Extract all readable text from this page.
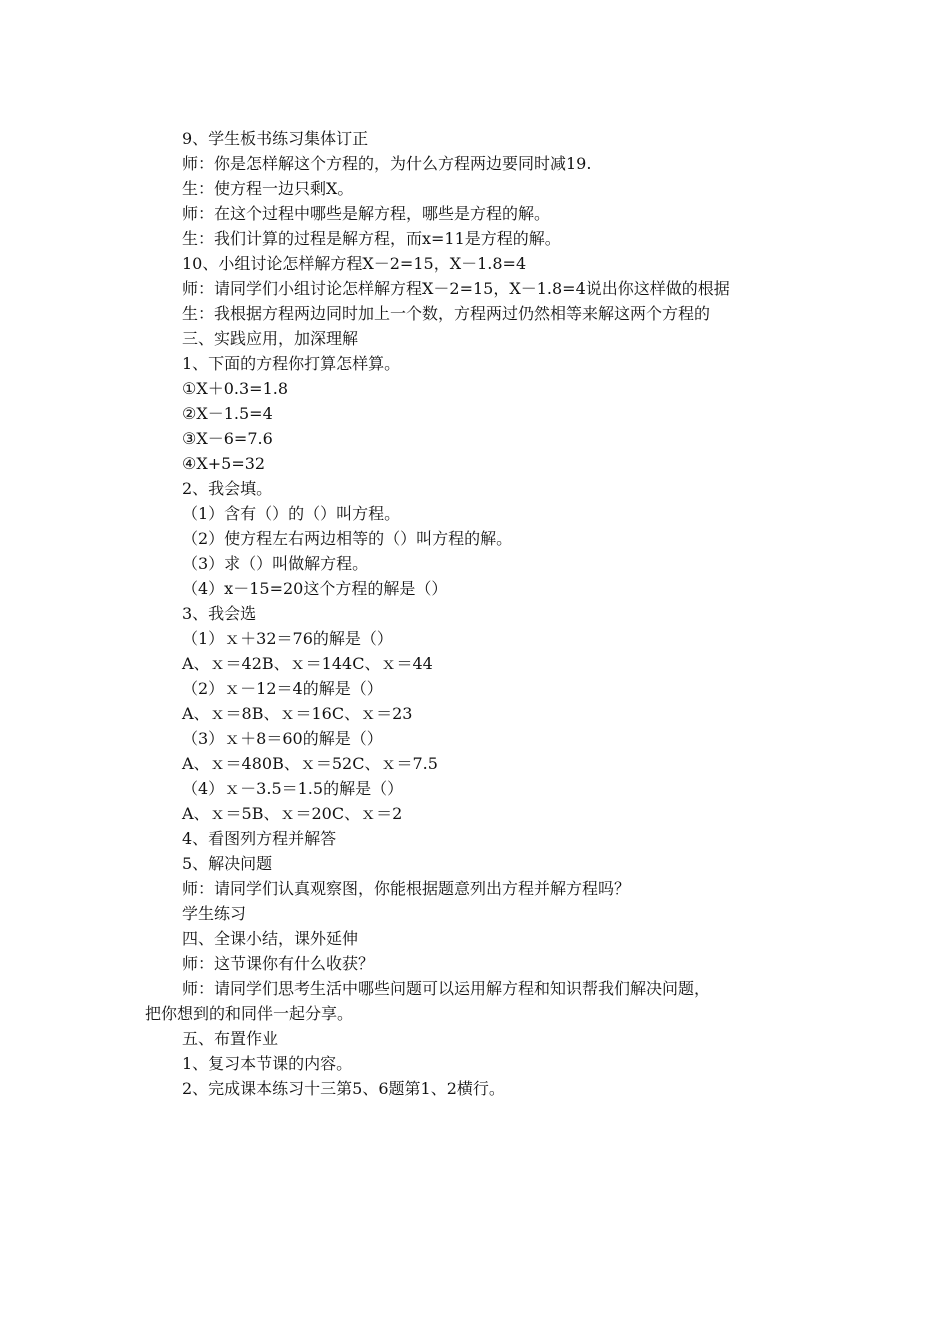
9、学生板书练习集体订正
师：你是怎样解这个方程的，为什么方程两边要同时减19.
生：使方程一边只剩X。
师：在这个过程中哪些是解方程，哪些是方程的解。
生：我们计算的过程是解方程，而x=11是方程的解。
10、小组讨论怎样解方程X－2=15，X－1.8=4
师：请同学们小组讨论怎样解方程X－2=15，X－1.8=4说出你这样做的根据
生：我根据方程两边同时加上一个数，方程两过仍然相等来解这两个方程的
三、实践应用，加深理解
1、下面的方程你打算怎样算。
①X＋0.3=1.8
②X－1.5=4
③X－6=7.6
④X+5=32
2、我会填。
（1）含有（）的（）叫方程。
（2）使方程左右两边相等的（）叫方程的解。
（3）求（）叫做解方程。
（4）x－15=20这个方程的解是（）
3、我会选
（1）ｘ＋32＝76的解是（）
A、ｘ＝42B、ｘ＝144C、ｘ＝44
（2）ｘ－12＝4的解是（）
A、ｘ＝8B、ｘ＝16C、ｘ＝23
（3）ｘ＋8＝60的解是（）
A、ｘ＝480B、ｘ＝52C、ｘ＝7.5
（4）ｘ－3.5＝1.5的解是（）
A、ｘ＝5B、ｘ＝20C、ｘ＝2
4、看图列方程并解答
5、解决问题
师：请同学们认真观察图，你能根据题意列出方程并解方程吗？
学生练习
四、全课小结，课外延伸
师：这节课你有什么收获？
师：请同学们思考生活中哪些问题可以运用解方程和知识帮我们解决问题，
把你想到的和同伴一起分享。
五、布置作业
1、复习本节课的内容。
2、完成课本练习十三第5、6题第1、2横行。
